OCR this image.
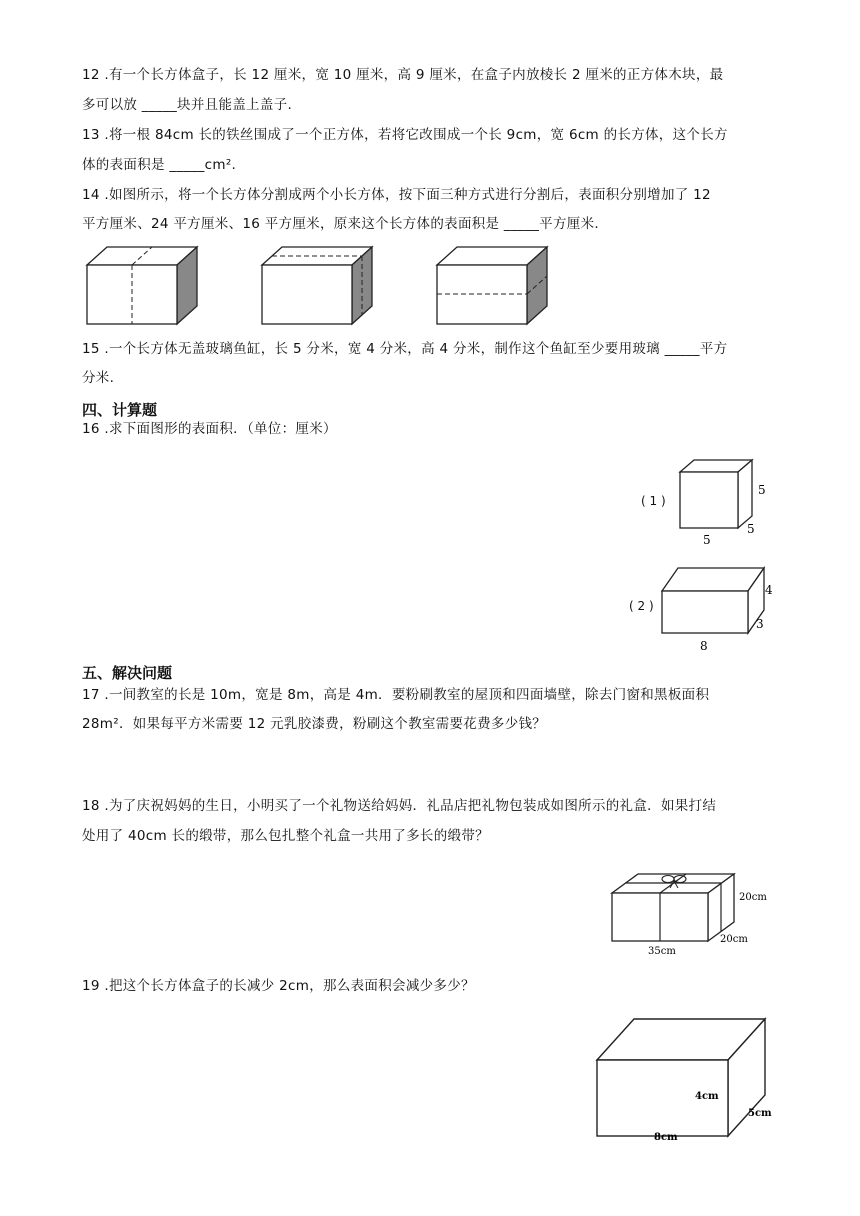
12 .有一个长方体盒子，长 12 厘米，宽 10 厘米，高 9 厘米，在盒子内放棱长 2 厘米的正方体木块，最
多可以放 _____块并且能盖上盖子.
13 .将一根 84cm 长的铁丝围成了一个正方体，若将它改围成一个长 9cm，宽 6cm 的长方体，这个长方
体的表面积是 _____cm².
14 .如图所示，将一个长方体分割成两个小长方体，按下面三种方式进行分割后，表面积分别增加了 12
平方厘米、24 平方厘米、16 平方厘米，原来这个长方体的表面积是 _____平方厘米.
15 .一个长方体无盖玻璃鱼缸，长 5 分米，宽 4 分米，高 4 分米，制作这个鱼缸至少要用玻璃 _____平方
分米.
四、计算题
16 .求下面图形的表面积．（单位：厘米）
( 1 )
5
5
5
( 2 )
4
3
8
五、解决问题
17 .一间教室的长是 10m，宽是 8m，高是 4m．要粉刷教室的屋顶和四面墙壁，除去门窗和黑板面积
28m²．如果每平方米需要 12 元乳胶漆费，粉刷这个教室需要花费多少钱？
18 .为了庆祝妈妈的生日，小明买了一个礼物送给妈妈．礼品店把礼物包装成如图所示的礼盒．如果打结
处用了 40cm 长的缎带，那么包扎整个礼盒一共用了多长的缎带？
20cm
20cm
35cm
19 .把这个长方体盒子的长减少 2cm，那么表面积会减少多少？
4cm
5cm
8cm
